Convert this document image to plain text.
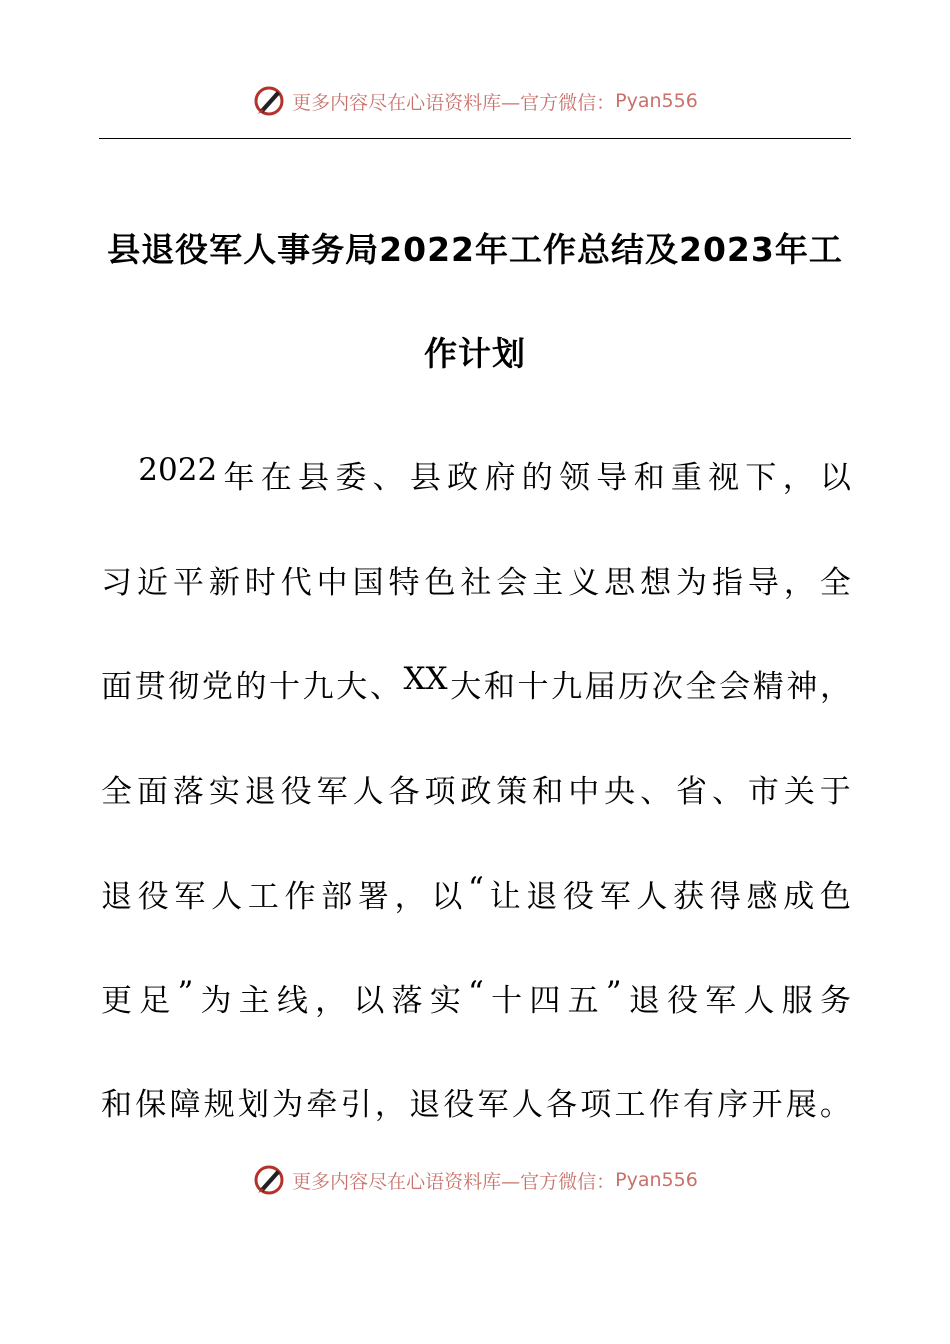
更多内容尽在心语资料库—官方微信： Pyan556
县退役军人事务局2022年工作总结及2023年工
作计划

2022 年 在 县 委 、 县 政 府 的 领 导 和 重 视 下 ， 以
习 近 平 新 时 代 中 国 特 色 社 会 主 义 思 想 为 指 导 ， 全
面 贯 彻 党 的 十 九 大 、 XX 大 和 十 九 届 历 次 全 会 精 神 ，
全 面 落 实 退 役 军 人 各 项 政 策 和 中 央 、 省 、 市 关 于
退 役 军 人 工 作 部 署 ， 以 “ 让 退 役 军 人 获 得 感 成 色
更 足 ” 为 主 线 ， 以 落 实 “ 十 四 五 ” 退 役 军 人 服 务
和 保 障 规 划 为 牵 引 ， 退 役 军 人 各 项 工 作 有 序 开 展 。
更多内容尽在心语资料库—官方微信： Pyan556
